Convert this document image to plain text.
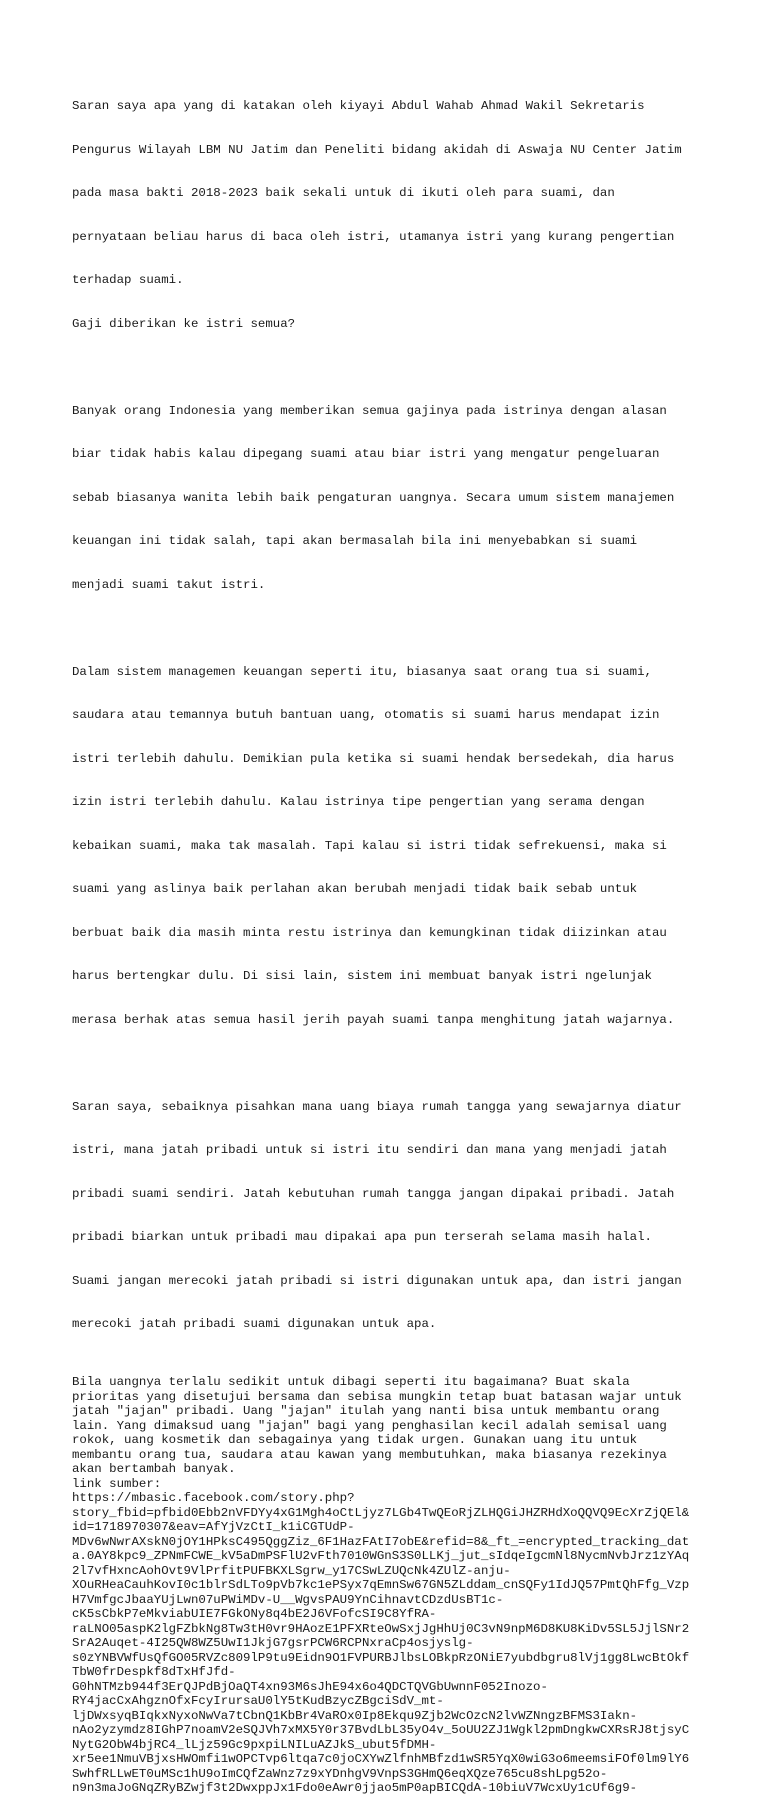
Saran saya apa yang di katakan oleh kiyayi Abdul Wahab Ahmad Wakil Sekretaris

Pengurus Wilayah LBM NU Jatim dan Peneliti bidang akidah di Aswaja NU Center Jatim

pada masa bakti 2018-2023 baik sekali untuk di ikuti oleh para suami, dan

pernyataan beliau harus di baca oleh istri, utamanya istri yang kurang pengertian

terhadap suami.

Gaji diberikan ke istri semua?

Banyak orang Indonesia yang memberikan semua gajinya pada istrinya dengan alasan

biar tidak habis kalau dipegang suami atau biar istri yang mengatur pengeluaran

sebab biasanya wanita lebih baik pengaturan uangnya. Secara umum sistem manajemen

keuangan ini tidak salah, tapi akan bermasalah bila ini menyebabkan si suami

menjadi suami takut istri.

Dalam sistem managemen keuangan seperti itu, biasanya saat orang tua si suami,

saudara atau temannya butuh bantuan uang, otomatis si suami harus mendapat izin

istri terlebih dahulu. Demikian pula ketika si suami hendak bersedekah, dia harus

izin istri terlebih dahulu. Kalau istrinya tipe pengertian yang serama dengan

kebaikan suami, maka tak masalah. Tapi kalau si istri tidak sefrekuensi, maka si

suami yang aslinya baik perlahan akan berubah menjadi tidak baik sebab untuk

berbuat baik dia masih minta restu istrinya dan kemungkinan tidak diizinkan atau

harus bertengkar dulu. Di sisi lain, sistem ini membuat banyak istri ngelunjak

merasa berhak atas semua hasil jerih payah suami tanpa menghitung jatah wajarnya.

Saran saya, sebaiknya pisahkan mana uang biaya rumah tangga yang sewajarnya diatur

istri, mana jatah pribadi untuk si istri itu sendiri dan mana yang menjadi jatah

pribadi suami sendiri. Jatah kebutuhan rumah tangga jangan dipakai pribadi. Jatah

pribadi biarkan untuk pribadi mau dipakai apa pun terserah selama masih halal.

Suami jangan merecoki jatah pribadi si istri digunakan untuk apa, dan istri jangan

merecoki jatah pribadi suami digunakan untuk apa.

Bila uangnya terlalu sedikit untuk dibagi seperti itu bagaimana? Buat skala
prioritas yang disetujui bersama dan sebisa mungkin tetap buat batasan wajar untuk
jatah "jajan" pribadi. Uang "jajan" itulah yang nanti bisa untuk membantu orang
lain. Yang dimaksud uang "jajan" bagi yang penghasilan kecil adalah semisal uang
rokok, uang kosmetik dan sebagainya yang tidak urgen. Gunakan uang itu untuk
membantu orang tua, saudara atau kawan yang membutuhkan, maka biasanya rezekinya
akan bertambah banyak.
link sumber:
https://mbasic.facebook.com/story.php?
story_fbid=pfbid0Ebb2nVFDYy4xG1Mgh4oCtLjyz7LGb4TwQEoRjZLHQGiJHZRHdXoQQVQ9EcXrZjQEl&
id=1718970307&eav=AfYjVzCtI_k1iCGTUdP-
MDv6wNwrAXskN0jOY1HPksC495QggZiz_6F1HazFAtI7obE&refid=8&_ft_=encrypted_tracking_dat
a.0AY8kpc9_ZPNmFCWE_kV5aDmPSFlU2vFth7010WGnS3S0LLKj_jut_sIdqeIgcmNl8NycmNvbJrz1zYAq
2l7vfHxncAohOvt9VlPrfitPUFBKXLSgrw_y17CSwLZUQcNk4ZUlZ-anju-
XOuRHeaCauhKovI0c1blrSdLTo9pVb7kc1ePSyx7qEmnSw67GN5ZLddam_cnSQFy1IdJQ57PmtQhFfg_Vzp
H7VmfgcJbaaYUjLwn07uPWiMDv-U__WgvsPAU9YnCihnavtCDzdUsBT1c-
cK5sCbkP7eMkviabUIE7FGkONy8q4bE2J6VFofcSI9C8YfRA-
raLNO05aspK2lgFZbkNg8Tw3tH0vr9HAozE1PFXRteOwSxjJgHhUj0C3vN9npM6D8KU8KiDv5SL5JjlSNr2
SrA2Auqet-4I25QW8WZ5UwI1JkjG7gsrPCW6RCPNxraCp4osjyslg-
s0zYNBVWfUsQfGO05RVZc809lP9tu9Eidn9O1FVPURBJlbsLOBkpRzONiE7yubdbgru8lVj1gg8LwcBtOkf
TbW0frDespkf8dTxHfJfd-
G0hNTMzb944f3ErQJPdBjOaQT4xn93M6sJhE94x6o4QDCTQVGbUwnnF052Inozo-
RY4jacCxAhgznOfxFcyIrursaU0lY5tKudBzycZBgciSdV_mt-
ljDWxsyqBIqkxNyxoNwVa7tCbnQ1KbBr4VaROx0Ip8Ekqu9Zjb2WcOzcN2lvWZNngzBFMS3Iakn-
nAo2yzymdz8IGhP7noamV2eSQJVh7xMX5Y0r37BvdLbL35yO4v_5oUU2ZJ1Wgkl2pmDngkwCXRsRJ8tjsyC
NytG2ObW4bjRC4_lLjz59Gc9pxpiLNILuAZJkS_ubut5fDMH-
xr5ee1NmuVBjxsHWOmfi1wOPCTvp6ltqa7c0joCXYwZlfnhMBfzd1wSR5YqX0wiG3o6meemsiFOf0lm9lY6
SwhfRLLwET0uMSc1hU9oImCQfZaWnz7z9xYDnhgV9VnpS3GHmQ6eqXQze765cu8shLpg52o-
n9n3maJoGNqZRyBZwjf3t2DwxppJx1Fdo0eAwr0jjao5mP0apBICQdA-10biuV7WcxUy1cUf6g9-
